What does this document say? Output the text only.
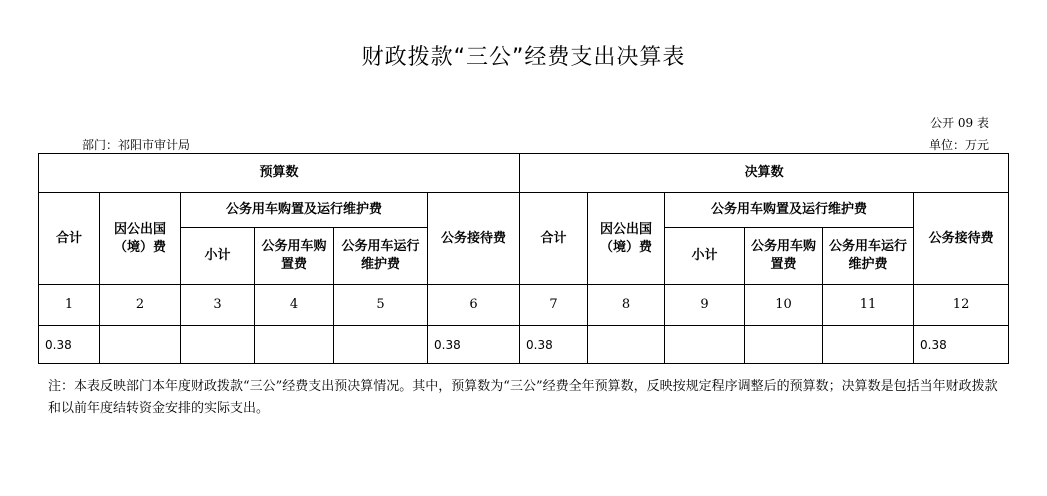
财政拨款“三公”经费支出决算表
公开 09 表
部门：祁阳市审计局	单位：万元
预算数						决算数					
合计	因公出国（境）费	公务用车购置及运行维护费			公务接待费	合计	因公出国（境）费	公务用车购置及运行维护费			公务接待费
		小计	公务用车购置费	公务用车运行维护费				小计	公务用车购置费	公务用车运行维护费	
1	2	3	4	5	6	7	8	9	10	11	12
0.38					0.38	0.38					0.38
注：本表反映部门本年度财政拨款“三公”经费支出预决算情况。其中，预算数为“三公”经费全年预算数，反映按规定程序调整后的预算数；决算数是包括当年财政拨款和以前年度结转资金安排的实际支出。
